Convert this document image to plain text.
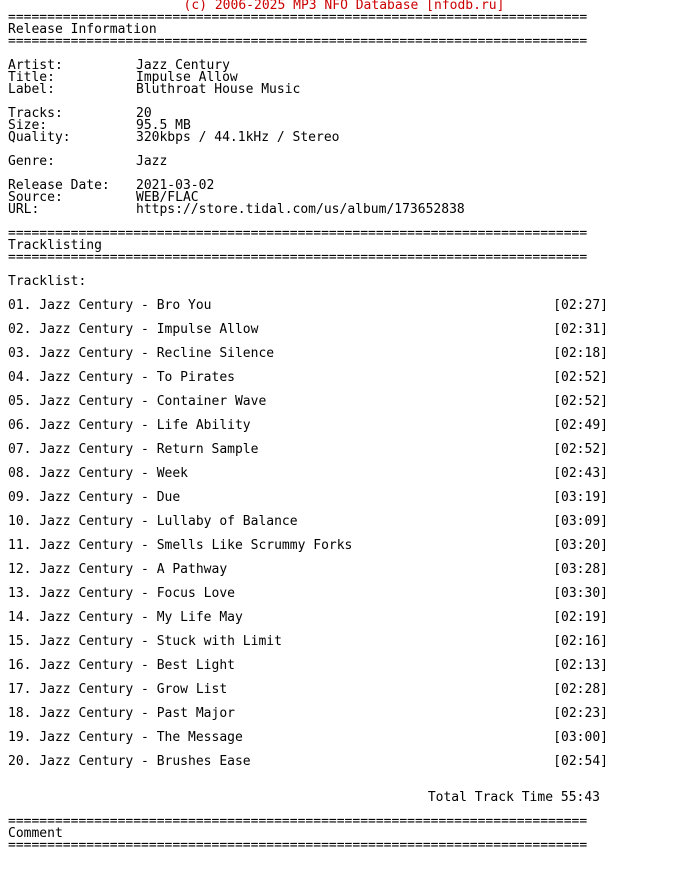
(c) 2006-2025 MP3 NFO Database [nfodb.ru]
==========================================================================
Release Information
==========================================================================
Artist:	Jazz Century
Title:	Impulse Allow
Label:	Bluthroat House Music
Tracks:	20
Size:	95.5 MB
Quality:	320kbps / 44.1kHz / Stereo
Genre:	Jazz
Release Date: 2021-03-02
Source:	WEB/FLAC
URL:	https://store.tidal.com/us/album/173652838
==========================================================================
Tracklisting
==========================================================================
Tracklist:
01. Jazz Century - Bro You	[02:27]
02. Jazz Century - Impulse Allow	[02:31]
03. Jazz Century - Recline Silence	[02:18]
04. Jazz Century - To Pirates	[02:52]
05. Jazz Century - Container Wave	[02:52]
06. Jazz Century - Life Ability	[02:49]
07. Jazz Century - Return Sample	[02:52]
08. Jazz Century - Week	[02:43]
09. Jazz Century - Due	[03:19]
10. Jazz Century - Lullaby of Balance	[03:09]
11. Jazz Century - Smells Like Scrummy Forks	[03:20]
12. Jazz Century - A Pathway	[03:28]
13. Jazz Century - Focus Love	[03:30]
14. Jazz Century - My Life May	[02:19]
15. Jazz Century - Stuck with Limit	[02:16]
16. Jazz Century - Best Light	[02:13]
17. Jazz Century - Grow List	[02:28]
18. Jazz Century - Past Major	[02:23]
19. Jazz Century - The Message	[03:00]
20. Jazz Century - Brushes Ease	[02:54]
Total Track Time 55:43
==========================================================================
Comment
==========================================================================
